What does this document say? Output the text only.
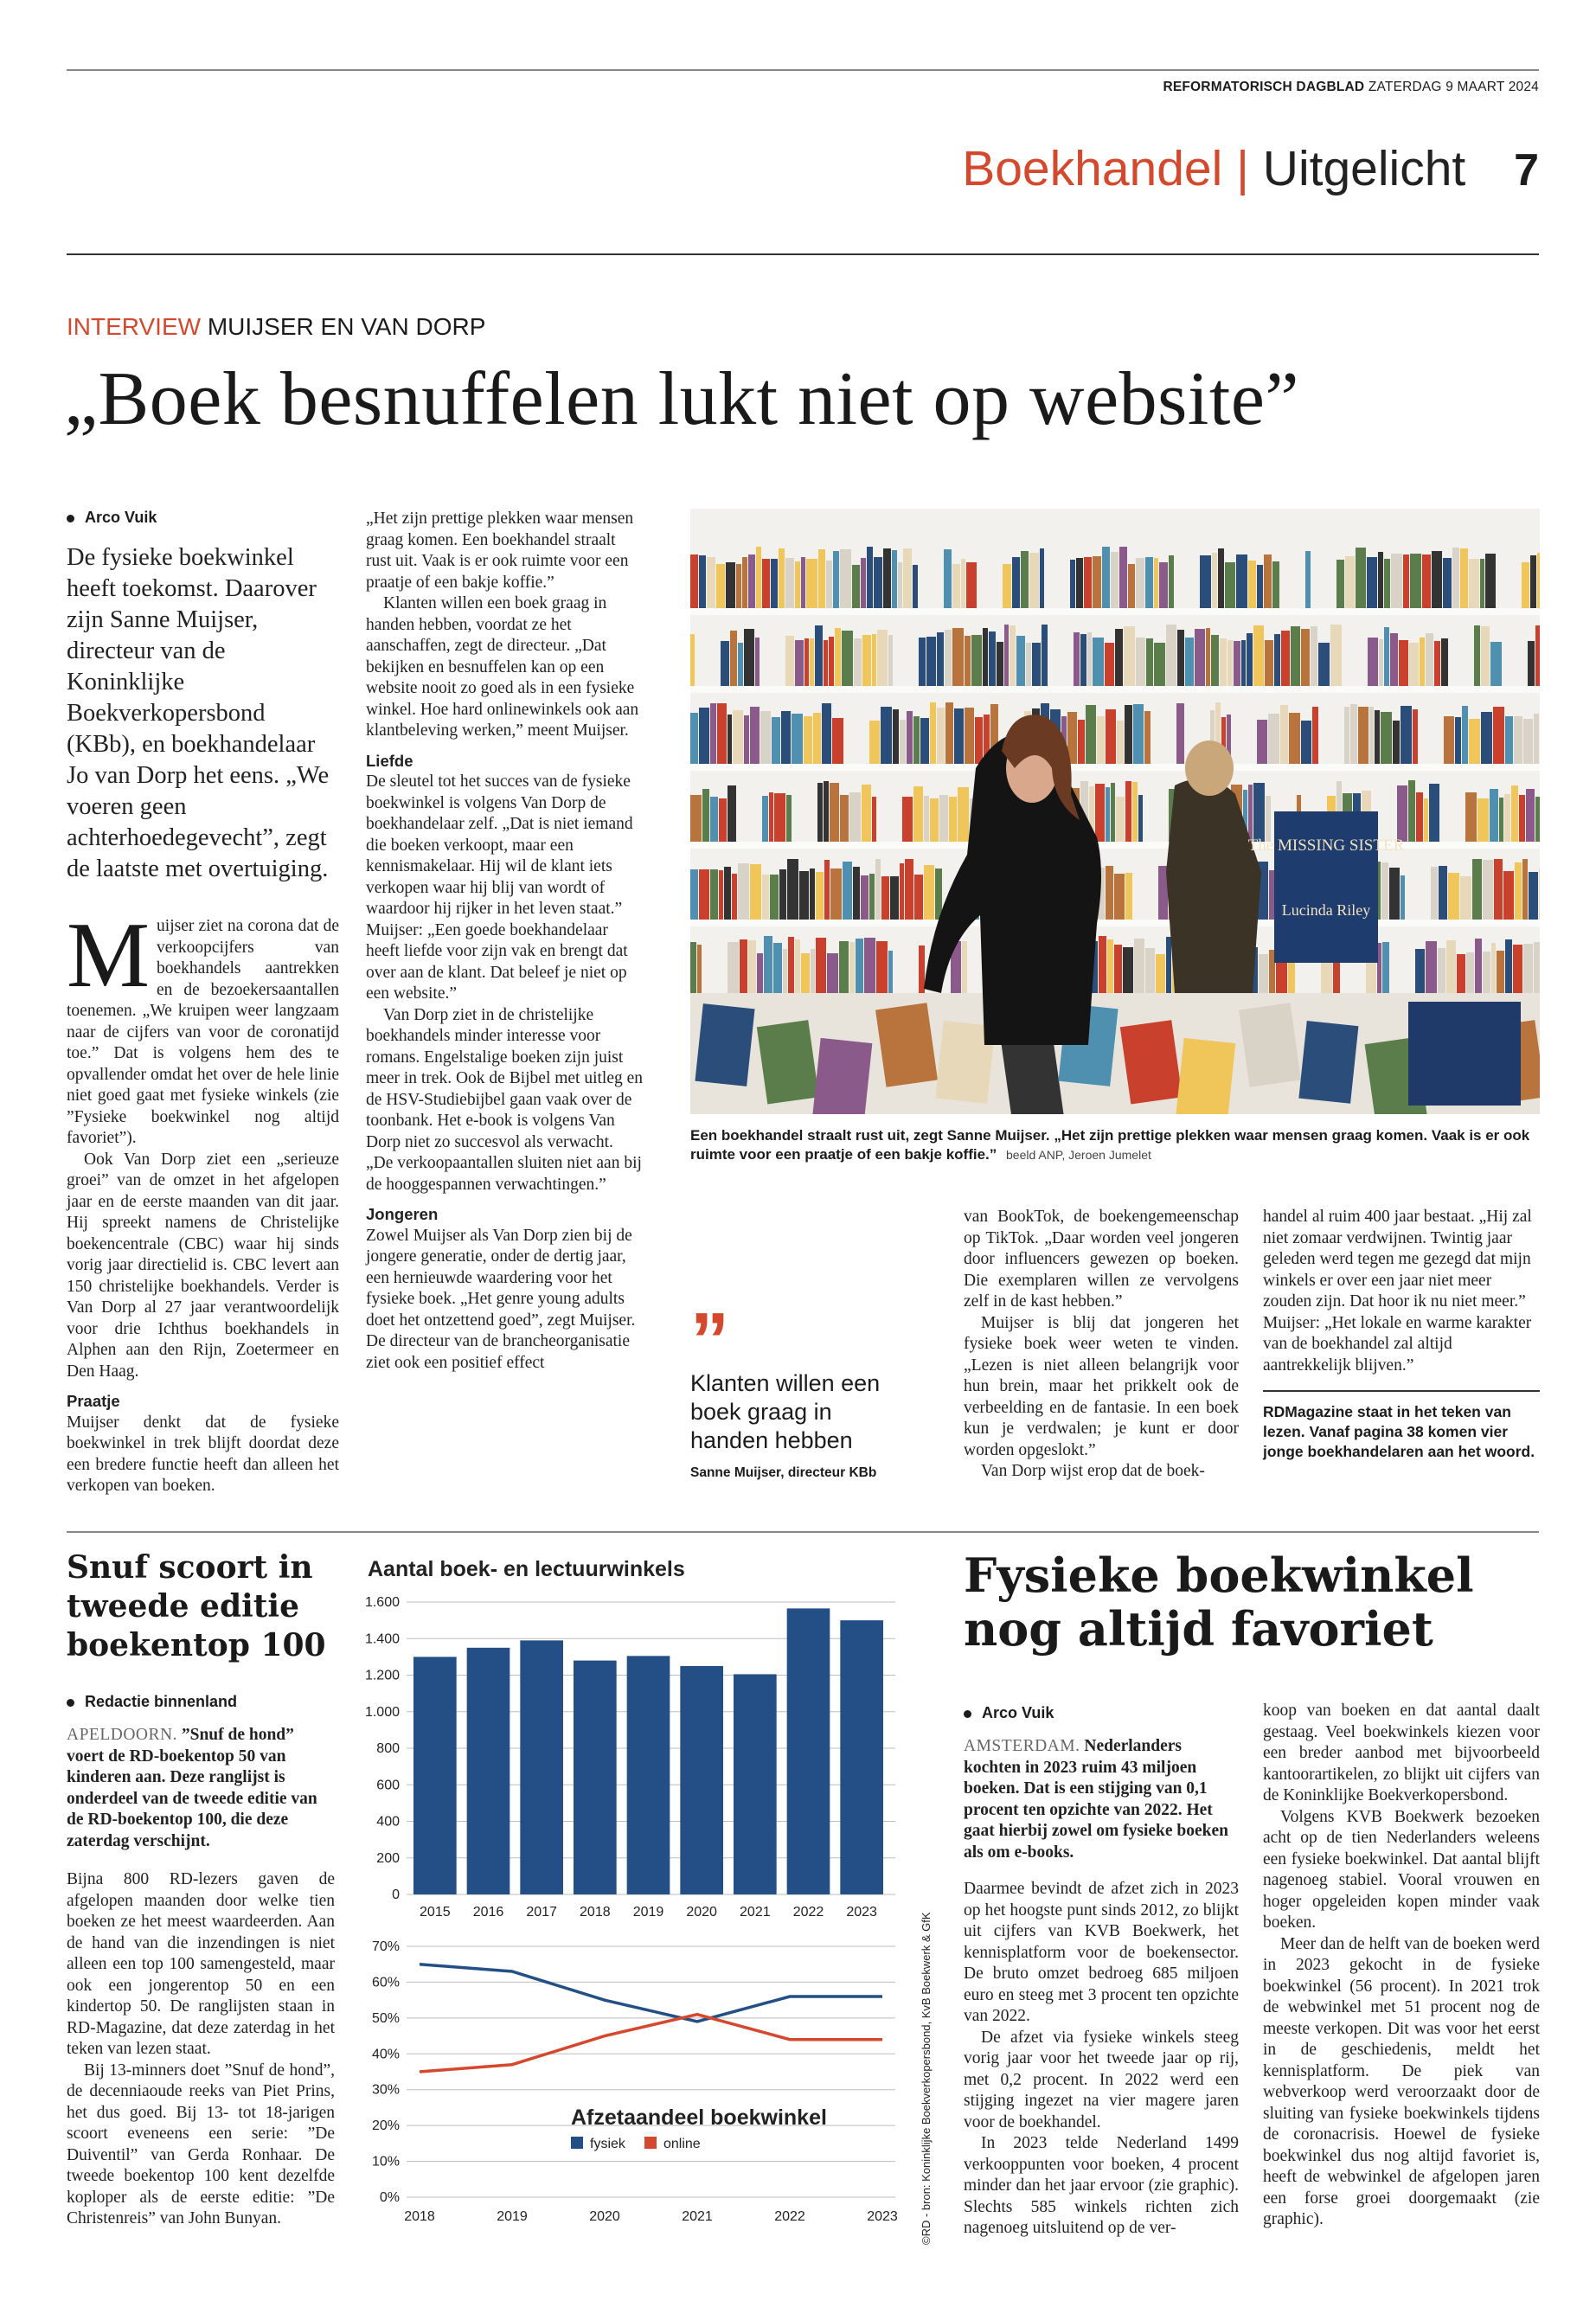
REFORMATORISCH DAGBLAD ZATERDAG 9 MAART 2024
Boekhandel | Uitgelicht 7
INTERVIEW MUIJSER EN VAN DORP
„Boek besnuffelen lukt niet op website”
Arco Vuik

De fysieke boekwinkel heeft toekomst. Daarover zijn Sanne Muijser, directeur van de Koninklijke Boekverkopersbond (KBb), en boekhandelaar Jo van Dorp het eens. „We voeren geen achterhoedegevecht”, zegt de laatste met overtuiging.

M uijser ziet na corona dat de verkoopcijfers van boekhandels aantrekken en de bezoekersaantallen toenemen. „We kruipen weer langzaam naar de cijfers van voor de coronatijd toe.” Dat is volgens hem des te opvallender omdat het over de hele linie niet goed gaat met fysieke winkels (zie ”Fysieke boekwinkel nog altijd favoriet”).

Ook Van Dorp ziet een „serieuze groei” van de omzet in het afgelopen jaar en de eerste maanden van dit jaar. Hij spreekt namens de Christelijke boekencentrale (CBC) waar hij sinds vorig jaar directielid is. CBC levert aan 150 christelijke boekhandels. Verder is Van Dorp al 27 jaar verantwoordelijk voor drie Ichthus boekhandels in Alphen aan den Rijn, Zoetermeer en Den Haag.

Praatje

Muijser denkt dat de fysieke boekwinkel in trek blijft doordat deze een bredere functie heeft dan alleen het verkopen van boeken.

„Het zijn prettige plekken waar mensen graag komen. Een boekhandel straalt rust uit. Vaak is er ook ruimte voor een praatje of een bakje koffie.”

Klanten willen een boek graag in handen hebben, voordat ze het aanschaffen, zegt de directeur. „Dat bekijken en besnuffelen kan op een website nooit zo goed als in een fysieke winkel. Hoe hard onlinewinkels ook aan klantbeleving werken,” meent Muijser.

Liefde

De sleutel tot het succes van de fysieke boekwinkel is volgens Van Dorp de boekhandelaar zelf. „Dat is niet iemand die boeken verkoopt, maar een kennismakelaar. Hij wil de klant iets verkopen waar hij blij van wordt of waardoor hij rijker in het leven staat.” Muijser: „Een goede boekhandelaar heeft liefde voor zijn vak en brengt dat over aan de klant. Dat beleef je niet op een website.”

Van Dorp ziet in de christelijke boekhandels minder interesse voor romans. Engelstalige boeken zijn juist meer in trek. Ook de Bijbel met uitleg en de HSV-Studiebijbel gaan vaak over de toonbank. Het e-book is volgens Van Dorp niet zo succesvol als verwacht. „De verkoopaantallen sluiten niet aan bij de hooggespannen verwachtingen.”

Jongeren

Zowel Muijser als Van Dorp zien bij de jongere generatie, onder de dertig jaar, een hernieuwde waardering voor het fysieke boek. „Het genre young adults doet het ontzettend goed”, zegt Muijser. De directeur van de brancheorganisatie ziet ook een positief effect

The MISSING SISTER
Lucinda Riley
Een boekhandel straalt rust uit, zegt Sanne Muijser. „Het zijn prettige plekken waar mensen graag komen. Vaak is er ook ruimte voor een praatje of een bakje koffie.” beeld ANP, Jeroen Jumelet
”

Klanten willen een boek graag in handen hebben

Sanne Muijser, directeur KBb

van BookTok, de boekengemeenschap op TikTok. „Daar worden veel jongeren door influencers gewezen op boeken. Die exemplaren willen ze vervolgens zelf in de kast hebben.”

Muijser is blij dat jongeren het fysieke boek weer weten te vinden. „Lezen is niet alleen belangrijk voor hun brein, maar het prikkelt ook de verbeelding en de fantasie. In een boek kun je verdwalen; je kunt er door worden opgeslokt.”

Van Dorp wijst erop dat de boek-

handel al ruim 400 jaar bestaat. „Hij zal niet zomaar verdwijnen. Twintig jaar geleden werd tegen me gezegd dat mijn winkels er over een jaar niet meer zouden zijn. Dat hoor ik nu niet meer.” Muijser: „Het lokale en warme karakter van de boekhandel zal altijd aantrekkelijk blijven.”

RDMagazine staat in het teken van lezen. Vanaf pagina 38 komen vier jonge boekhandelaren aan het woord.

Snuf scoort in tweede editie boekentop 100
Redactie binnenland

APELDOORN. ”Snuf de hond” voert de RD-boekentop 50 van kinderen aan. Deze ranglijst is onderdeel van de tweede editie van de RD-boekentop 100, die deze zaterdag verschijnt.

Bijna 800 RD-lezers gaven de afgelopen maanden door welke tien boeken ze het meest waardeerden. Aan de hand van die inzendingen is niet alleen een top 100 samengesteld, maar ook een jongerentop 50 en een kindertop 50. De ranglijsten staan in RD-Magazine, dat deze zaterdag in het teken van lezen staat.

Bij 13-minners doet ”Snuf de hond”, de decenniaoude reeks van Piet Prins, het dus goed. Bij 13- tot 18-jarigen scoort eveneens een serie: ”De Duiventil” van Gerda Ronhaar. De tweede boekentop 100 kent dezelfde koploper als de eerste editie: ”De Christenreis” van John Bunyan.

Aantal boek- en lectuurwinkels
0
200
400
600
800
1.000
1.200
1.400
1.600
2015 2016 2017 2018 2019 2020 2021 2022 2023
0%
10%
20%
30%
40%
50%
60%
70%
2018	2019	2020	2021	2022	2023
Afzetaandeel boekwinkel
fysiek	online	©RD - bron: Koninklijke Boekverkopersbond, KvB Boekwerk & GfK
Fysieke boekwinkel nog altijd favoriet
Arco Vuik

AMSTERDAM. Nederlanders kochten in 2023 ruim 43 miljoen boeken. Dat is een stijging van 0,1 procent ten opzichte van 2022. Het gaat hierbij zowel om fysieke boeken als om e-books.

Daarmee bevindt de afzet zich in 2023 op het hoogste punt sinds 2012, zo blijkt uit cijfers van KVB Boekwerk, het kennisplatform voor de boekensector. De bruto omzet bedroeg 685 miljoen euro en steeg met 3 procent ten opzichte van 2022.

De afzet via fysieke winkels steeg vorig jaar voor het tweede jaar op rij, met 0,2 procent. In 2022 werd een stijging ingezet na vier magere jaren voor de boekhandel.

In 2023 telde Nederland 1499 verkooppunten voor boeken, 4 procent minder dan het jaar ervoor (zie graphic). Slechts 585 winkels richten zich nagenoeg uitsluitend op de ver-

koop van boeken en dat aantal daalt gestaag. Veel boekwinkels kiezen voor een breder aanbod met bijvoorbeeld kantoorartikelen, zo blijkt uit cijfers van de Koninklijke Boekverkopersbond.

Volgens KVB Boekwerk bezoeken acht op de tien Nederlanders weleens een fysieke boekwinkel. Dat aantal blijft nagenoeg stabiel. Vooral vrouwen en hoger opgeleiden kopen minder vaak boeken.

Meer dan de helft van de boeken werd in 2023 gekocht in de fysieke boekwinkel (56 procent). In 2021 trok de webwinkel met 51 procent nog de meeste verkopen. Dit was voor het eerst in de geschiedenis, meldt het kennisplatform. De piek van webverkoop werd veroorzaakt door de sluiting van fysieke boekwinkels tijdens de coronacrisis. Hoewel de fysieke boekwinkel dus nog altijd favoriet is, heeft de webwinkel de afgelopen jaren een forse groei doorgemaakt (zie graphic).
